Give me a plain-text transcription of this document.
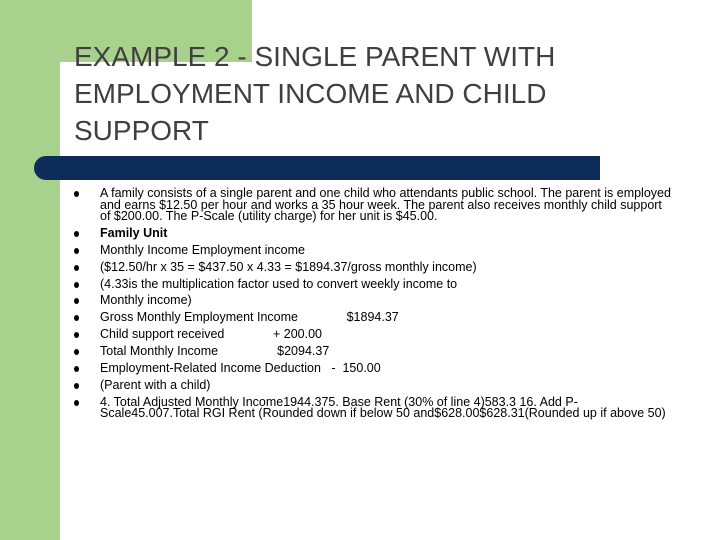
EXAMPLE 2 - SINGLE PARENT WITH
EMPLOYMENT INCOME AND CHILD
SUPPORT
A family consists of a single parent and one child who attendants public school. The parent is employed and earns $12.50 per hour and works a 35 hour week. The parent also receives monthly child support of $200.00. The P-Scale (utility charge) for her unit is $45.00.
Family Unit
Monthly Income Employment income
($12.50/hr x 35 = $437.50 x 4.33 = $1894.37/gross monthly income)
(4.33is the multiplication factor used to convert weekly income to
Monthly income)
Gross Monthly Employment Income              $1894.37
Child support received              + 200.00
Total Monthly Income                 $2094.37
Employment-Related Income Deduction   -  150.00
(Parent with a child)
4. Total Adjusted Monthly Income1944.375. Base Rent (30% of line 4)583.3 16. Add P-Scale45.007.Total RGI Rent (Rounded down if below 50 and$628.00$628.31(Rounded up if above 50)
